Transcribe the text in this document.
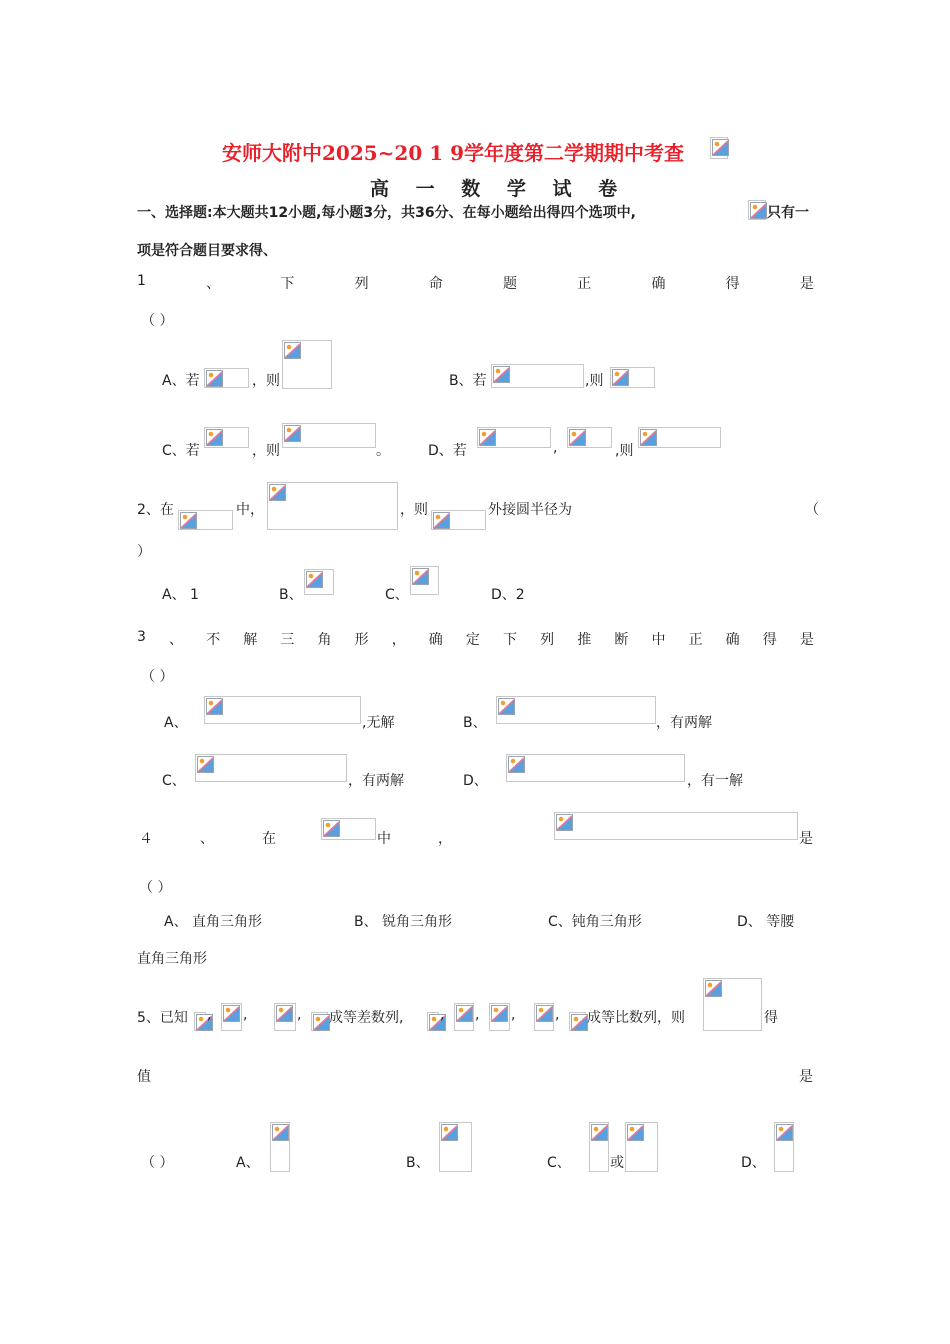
安师大附中2025~20 1 9学年度第二学期期中考查
高 一 数 学 试 卷
一、选择题:本大题共12小题,每小题3分，共36分、在每小题给出得四个选项中,	只有一
项是符合题目要求得、
1	、	下	列	命	题	正	确	得	是
（ ）
A、若	，则	B、若	,则
C、若	，则	。	D、若	,	,则
2、在	中，	，则	外接圆半径为	（
）
A、 1	B、	C、	D、2
3 、 不 解 三 角 形 ， 确 定 下 列 推 断 中 正 确 得 是
（ ）
A、	,无解	B、	，有两解
C、	，有两解	D、	，有一解
４	、	在	中	，	是
（ ）
A、 直角三角形	B、 锐角三角形	C、钝角三角形	D、 等腰
直角三角形
5、已知 , ,	, 成等差数列,	, , ,	, 成等比数列，则	得
值	是
（ ）	A、	B、	C、	或	D、
